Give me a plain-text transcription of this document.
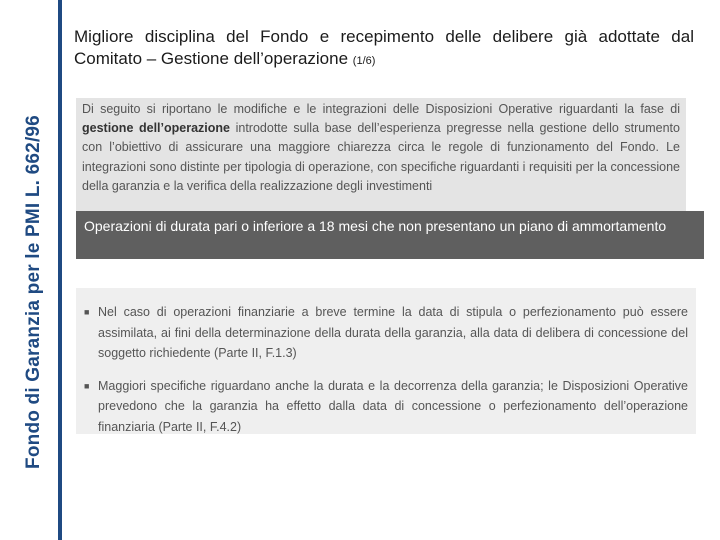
Fondo di Garanzia per le PMI L. 662/96
Migliore disciplina del Fondo e recepimento delle delibere già adottate dal Comitato – Gestione dell’operazione (1/6)

Di seguito si riportano le modifiche e le integrazioni delle Disposizioni Operative riguardanti la fase di gestione dell’operazione introdotte sulla base dell’esperienza pregresse nella gestione dello strumento con l’obiettivo di assicurare una maggiore chiarezza circa le regole di funzionamento del Fondo. Le integrazioni sono distinte per tipologia di operazione, con specifiche riguardanti i requisiti per la concessione della garanzia e la verifica della realizzazione degli investimenti

Operazioni di durata pari o inferiore a 18 mesi che non presentano un piano di ammortamento

■ Nel caso di operazioni finanziarie a breve termine la data di stipula o perfezionamento può essere assimilata, ai fini della determinazione della durata della garanzia, alla data di delibera di concessione del soggetto richiedente (Parte II, F.1.3)
■ Maggiori specifiche riguardano anche la durata e la decorrenza della garanzia; le Disposizioni Operative prevedono che la garanzia ha effetto dalla data di concessione o perfezionamento dell’operazione finanziaria (Parte II, F.4.2)
